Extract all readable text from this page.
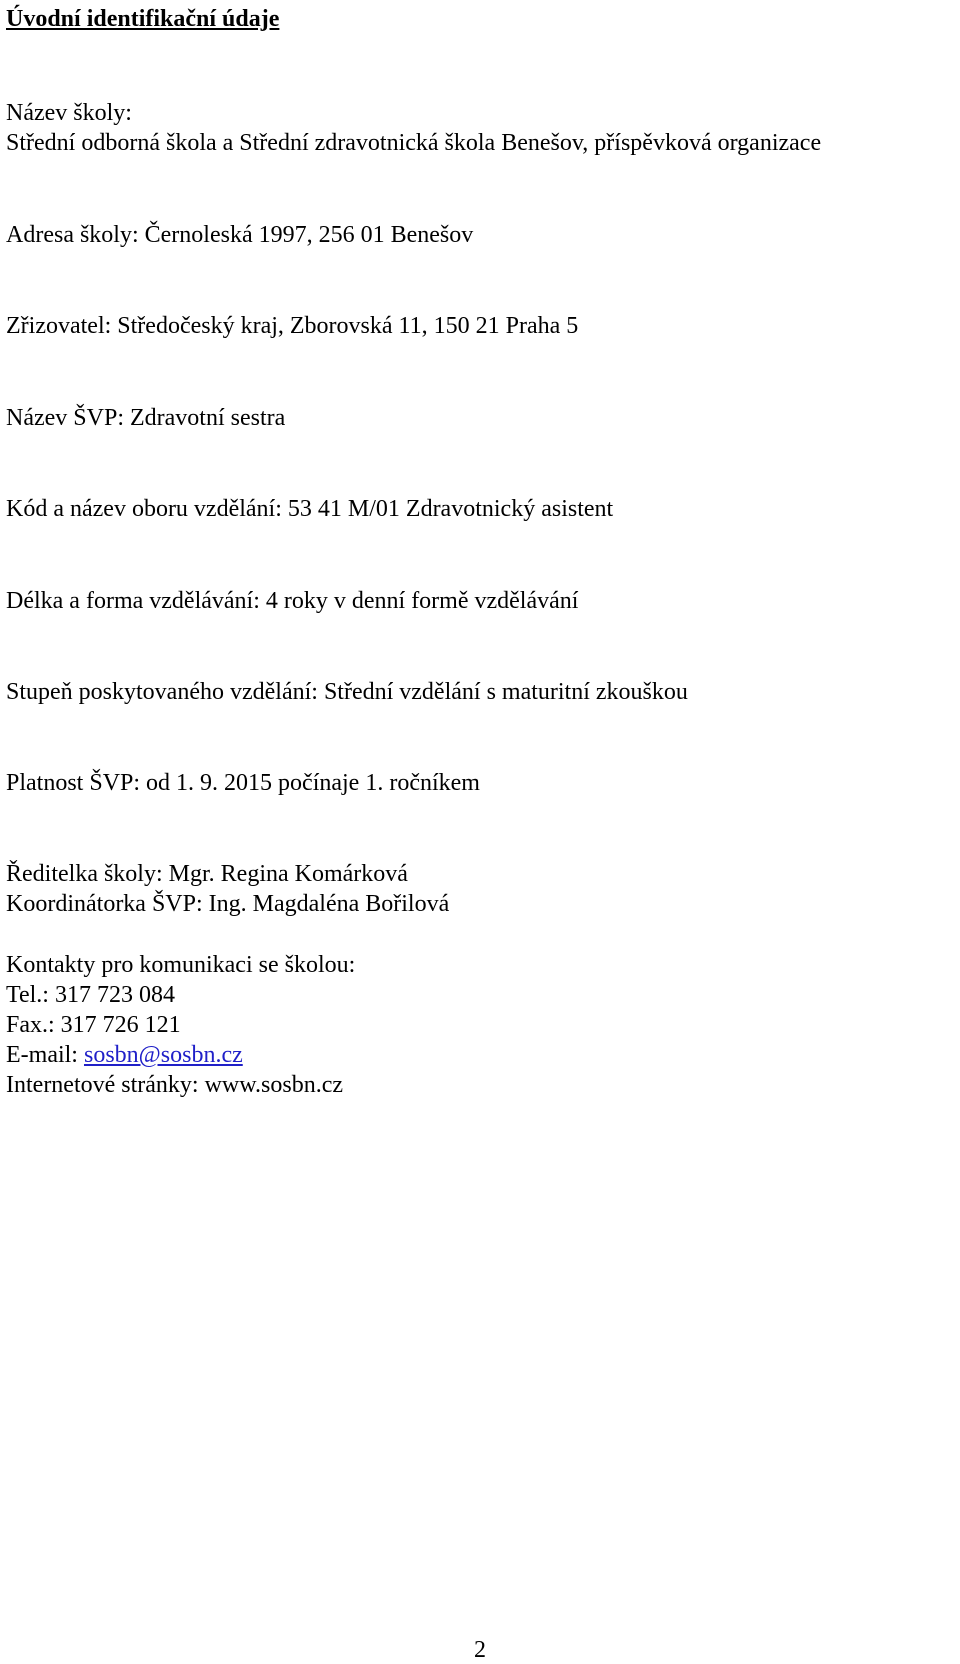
Úvodní identifikační údaje
Název školy:
Střední odborná škola a Střední zdravotnická škola Benešov, příspěvková organizace
Adresa školy: Černoleská 1997, 256 01 Benešov
Zřizovatel: Středočeský kraj, Zborovská 11, 150 21 Praha 5
Název ŠVP: Zdravotní sestra
Kód a název oboru vzdělání: 53 41 M/01 Zdravotnický asistent
Délka a forma vzdělávání: 4 roky v denní formě vzdělávání
Stupeň poskytovaného vzdělání: Střední vzdělání s maturitní zkouškou
Platnost ŠVP: od 1. 9. 2015 počínaje 1. ročníkem
Ředitelka školy: Mgr. Regina Komárková
Koordinátorka ŠVP: Ing. Magdaléna Bořilová
Kontakty pro komunikaci se školou:
Tel.: 317 723 084
Fax.: 317 726 121
E-mail: sosbn@sosbn.cz
Internetové stránky: www.sosbn.cz
2
